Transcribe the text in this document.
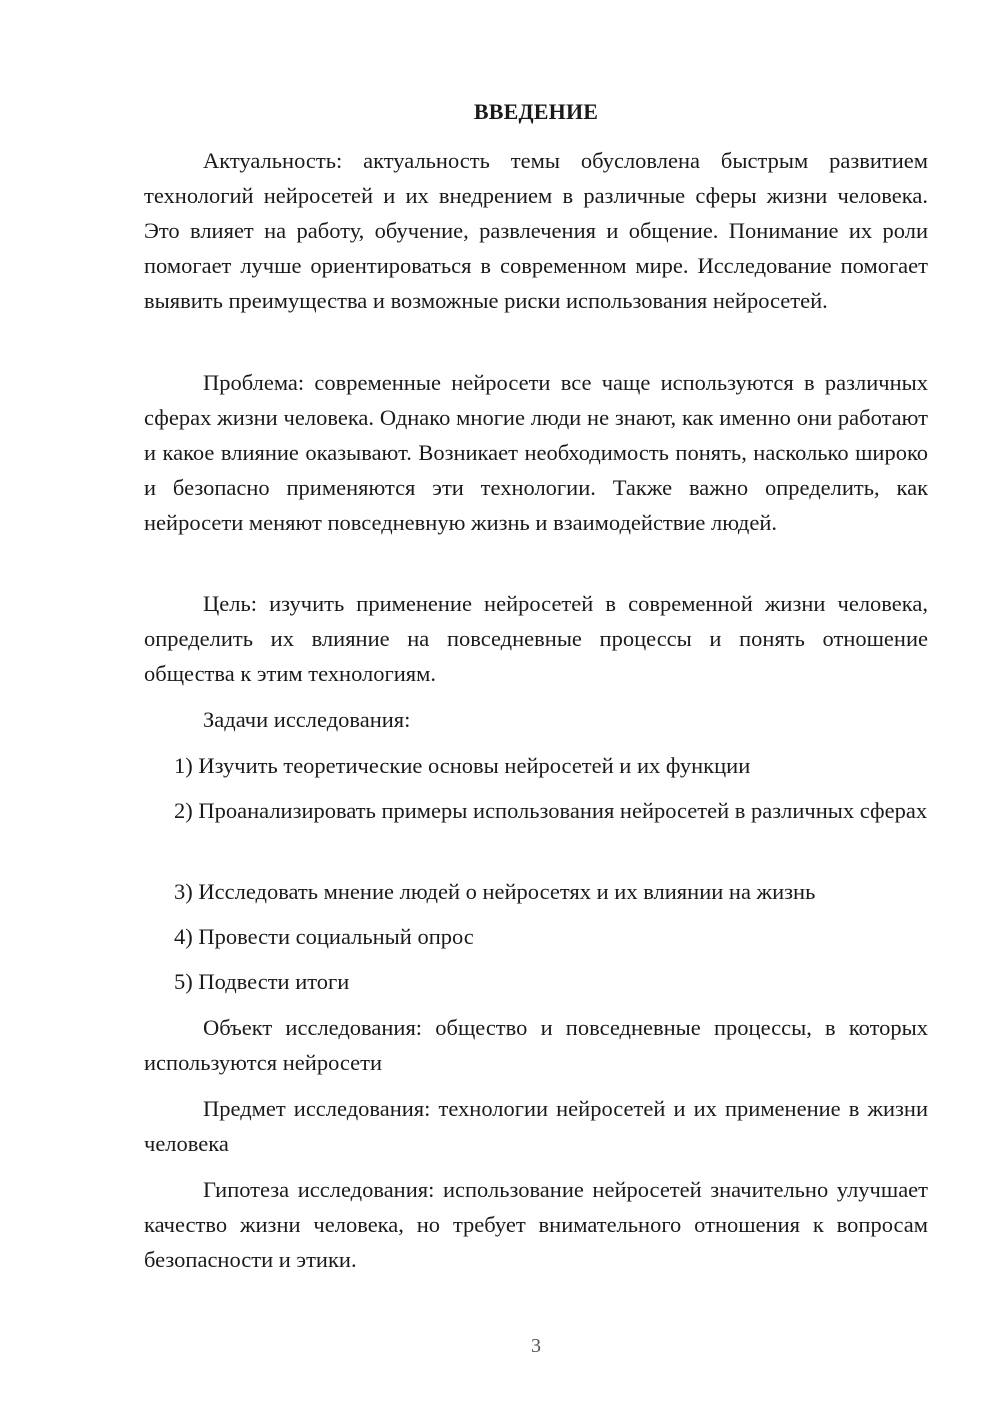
ВВЕДЕНИЕ

Актуальность: актуальность темы обусловлена быстрым развитием технологий нейросетей и их внедрением в различные сферы жизни человека. Это влияет на работу, обучение, развлечения и общение. Понимание их роли помогает лучше ориентироваться в современном мире. Исследование помогает выявить преимущества и возможные риски использования нейросетей.

Проблема: современные нейросети все чаще используются в различных сферах жизни человека. Однако многие люди не знают, как именно они работают и какое влияние оказывают. Возникает необходимость понять, насколько широко и безопасно применяются эти технологии. Также важно определить, как нейросети меняют повседневную жизнь и взаимодействие людей.

Цель: изучить применение нейросетей в современной жизни человека, определить их влияние на повседневные процессы и понять отношение общества к этим технологиям.

Задачи исследования:

1) Изучить теоретические основы нейросетей и их функции

2) Проанализировать примеры использования нейросетей в различных сферах

3) Исследовать мнение людей о нейросетях и их влиянии на жизнь

4) Провести социальный опрос

5) Подвести итоги

Объект исследования: общество и повседневные процессы, в которых используются нейросети

Предмет исследования: технологии нейросетей и их применение в жизни человека

Гипотеза исследования: использование нейросетей значительно улучшает качество жизни человека, но требует внимательного отношения к вопросам безопасности и этики.

3
